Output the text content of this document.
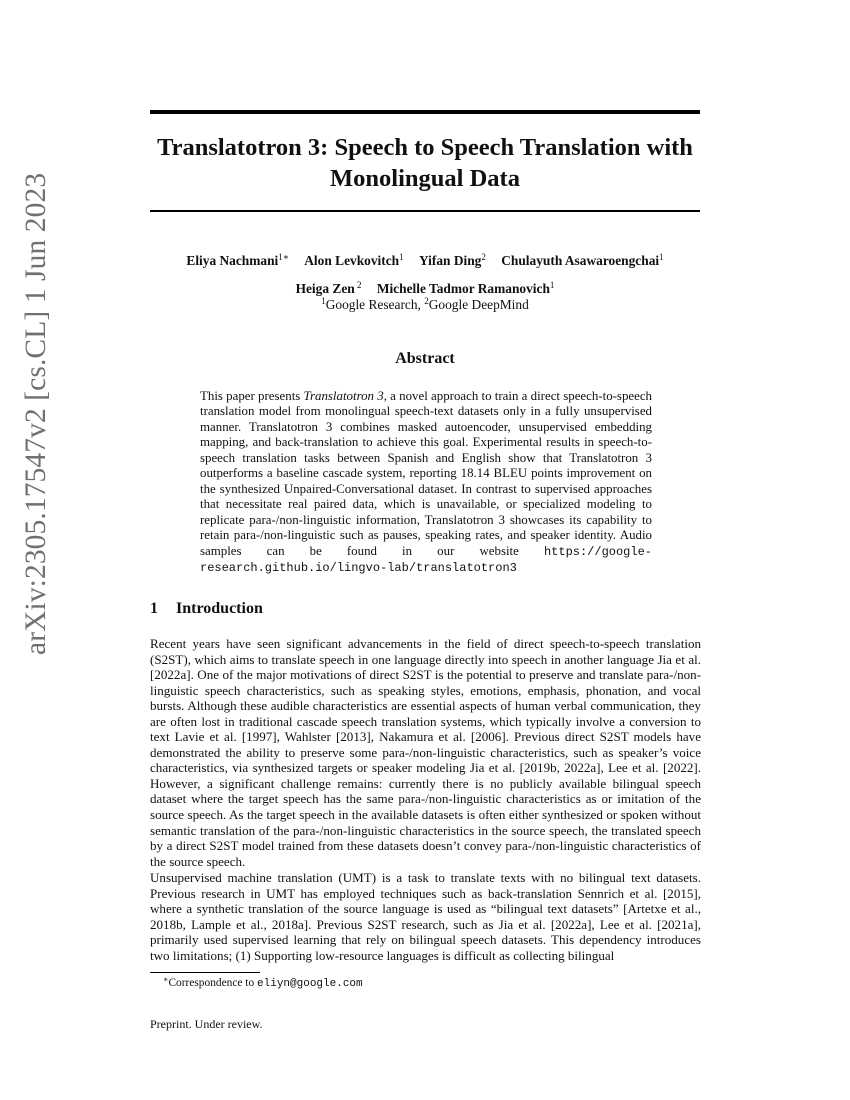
arXiv:2305.17547v2 [cs.CL] 1 Jun 2023
Translatotron 3: Speech to Speech Translation with
Monolingual Data
Eliya Nachmani$^{1∗}$ Alon Levkovitch$^1$ Yifan Ding$^2$ Chulayuth Asawaroengchai$^1$
Heiga Zen $^2$ Michelle Tadmor Ramanovich$^1$
$^1$Google Research, $^2$Google DeepMind
Abstract

This paper presents Translatotron 3, a novel approach to train a direct speech-to-speech translation model from monolingual speech-text datasets only in a fully unsupervised manner. Translatotron 3 combines masked autoencoder, unsupervised embedding mapping, and back-translation to achieve this goal. Experimental results in speech-to-speech translation tasks between Spanish and English show that Translatotron 3 outperforms a baseline cascade system, reporting 18.14 BLEU points improvement on the synthesized Unpaired-Conversational dataset. In contrast to supervised approaches that necessitate real paired data, which is unavailable, or specialized modeling to replicate para-/non-linguistic information, Translatotron 3 showcases its capability to retain para-/non-linguistic such as pauses, speaking rates, and speaker identity. Audio samples can be found in our website https://google-research.github.io/lingvo-lab/translatotron3

1 Introduction

Recent years have seen significant advancements in the field of direct speech-to-speech translation (S2ST), which aims to translate speech in one language directly into speech in another language Jia et al. [2022a]. One of the major motivations of direct S2ST is the potential to preserve and translate para-/non-linguistic speech characteristics, such as speaking styles, emotions, emphasis, phonation, and vocal bursts. Although these audible characteristics are essential aspects of human verbal communication, they are often lost in traditional cascade speech translation systems, which typically involve a conversion to text Lavie et al. [1997], Wahlster [2013], Nakamura et al. [2006]. Previous direct S2ST models have demonstrated the ability to preserve some para-/non-linguistic characteristics, such as speaker’s voice characteristics, via synthesized targets or speaker modeling Jia et al. [2019b, 2022a], Lee et al. [2022]. However, a significant challenge remains: currently there is no publicly available bilingual speech dataset where the target speech has the same para-/non-linguistic characteristics as or imitation of the source speech. As the target speech in the available datasets is often either synthesized or spoken without semantic translation of the para-/non-linguistic characteristics in the source speech, the translated speech by a direct S2ST model trained from these datasets doesn’t convey para-/non-linguistic characteristics of the source speech.

Unsupervised machine translation (UMT) is a task to translate texts with no bilingual text datasets. Previous research in UMT has employed techniques such as back-translation Sennrich et al. [2015], where a synthetic translation of the source language is used as “bilingual text datasets” [Artetxe et al., 2018b, Lample et al., 2018a]. Previous S2ST research, such as Jia et al. [2022a], Lee et al. [2021a], primarily used supervised learning that rely on bilingual speech datasets. This dependency introduces two limitations; (1) Supporting low-resource languages is difficult as collecting bilingual

∗Correspondence to eliyn@google.com
Preprint. Under review.
